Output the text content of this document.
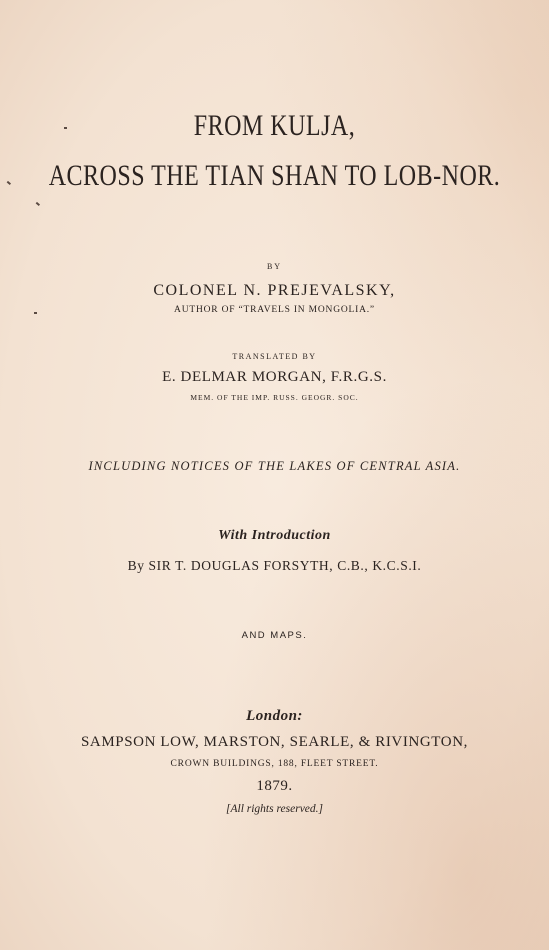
FROM KULJA,

ACROSS THE TIAN SHAN TO LOB-NOR.

BY

COLONEL N. PREJEVALSKY,

AUTHOR OF “TRAVELS IN MONGOLIA.”

TRANSLATED BY

E. DELMAR MORGAN, F.R.G.S.

MEM. OF THE IMP. RUSS. GEOGR. SOC.

INCLUDING NOTICES OF THE LAKES OF CENTRAL ASIA.

With Introduction

By SIR T. DOUGLAS FORSYTH, C.B., K.C.S.I.

AND MAPS.

London:

SAMPSON LOW, MARSTON, SEARLE, & RIVINGTON,

CROWN BUILDINGS, 188, FLEET STREET.

1879.

[All rights reserved.]
